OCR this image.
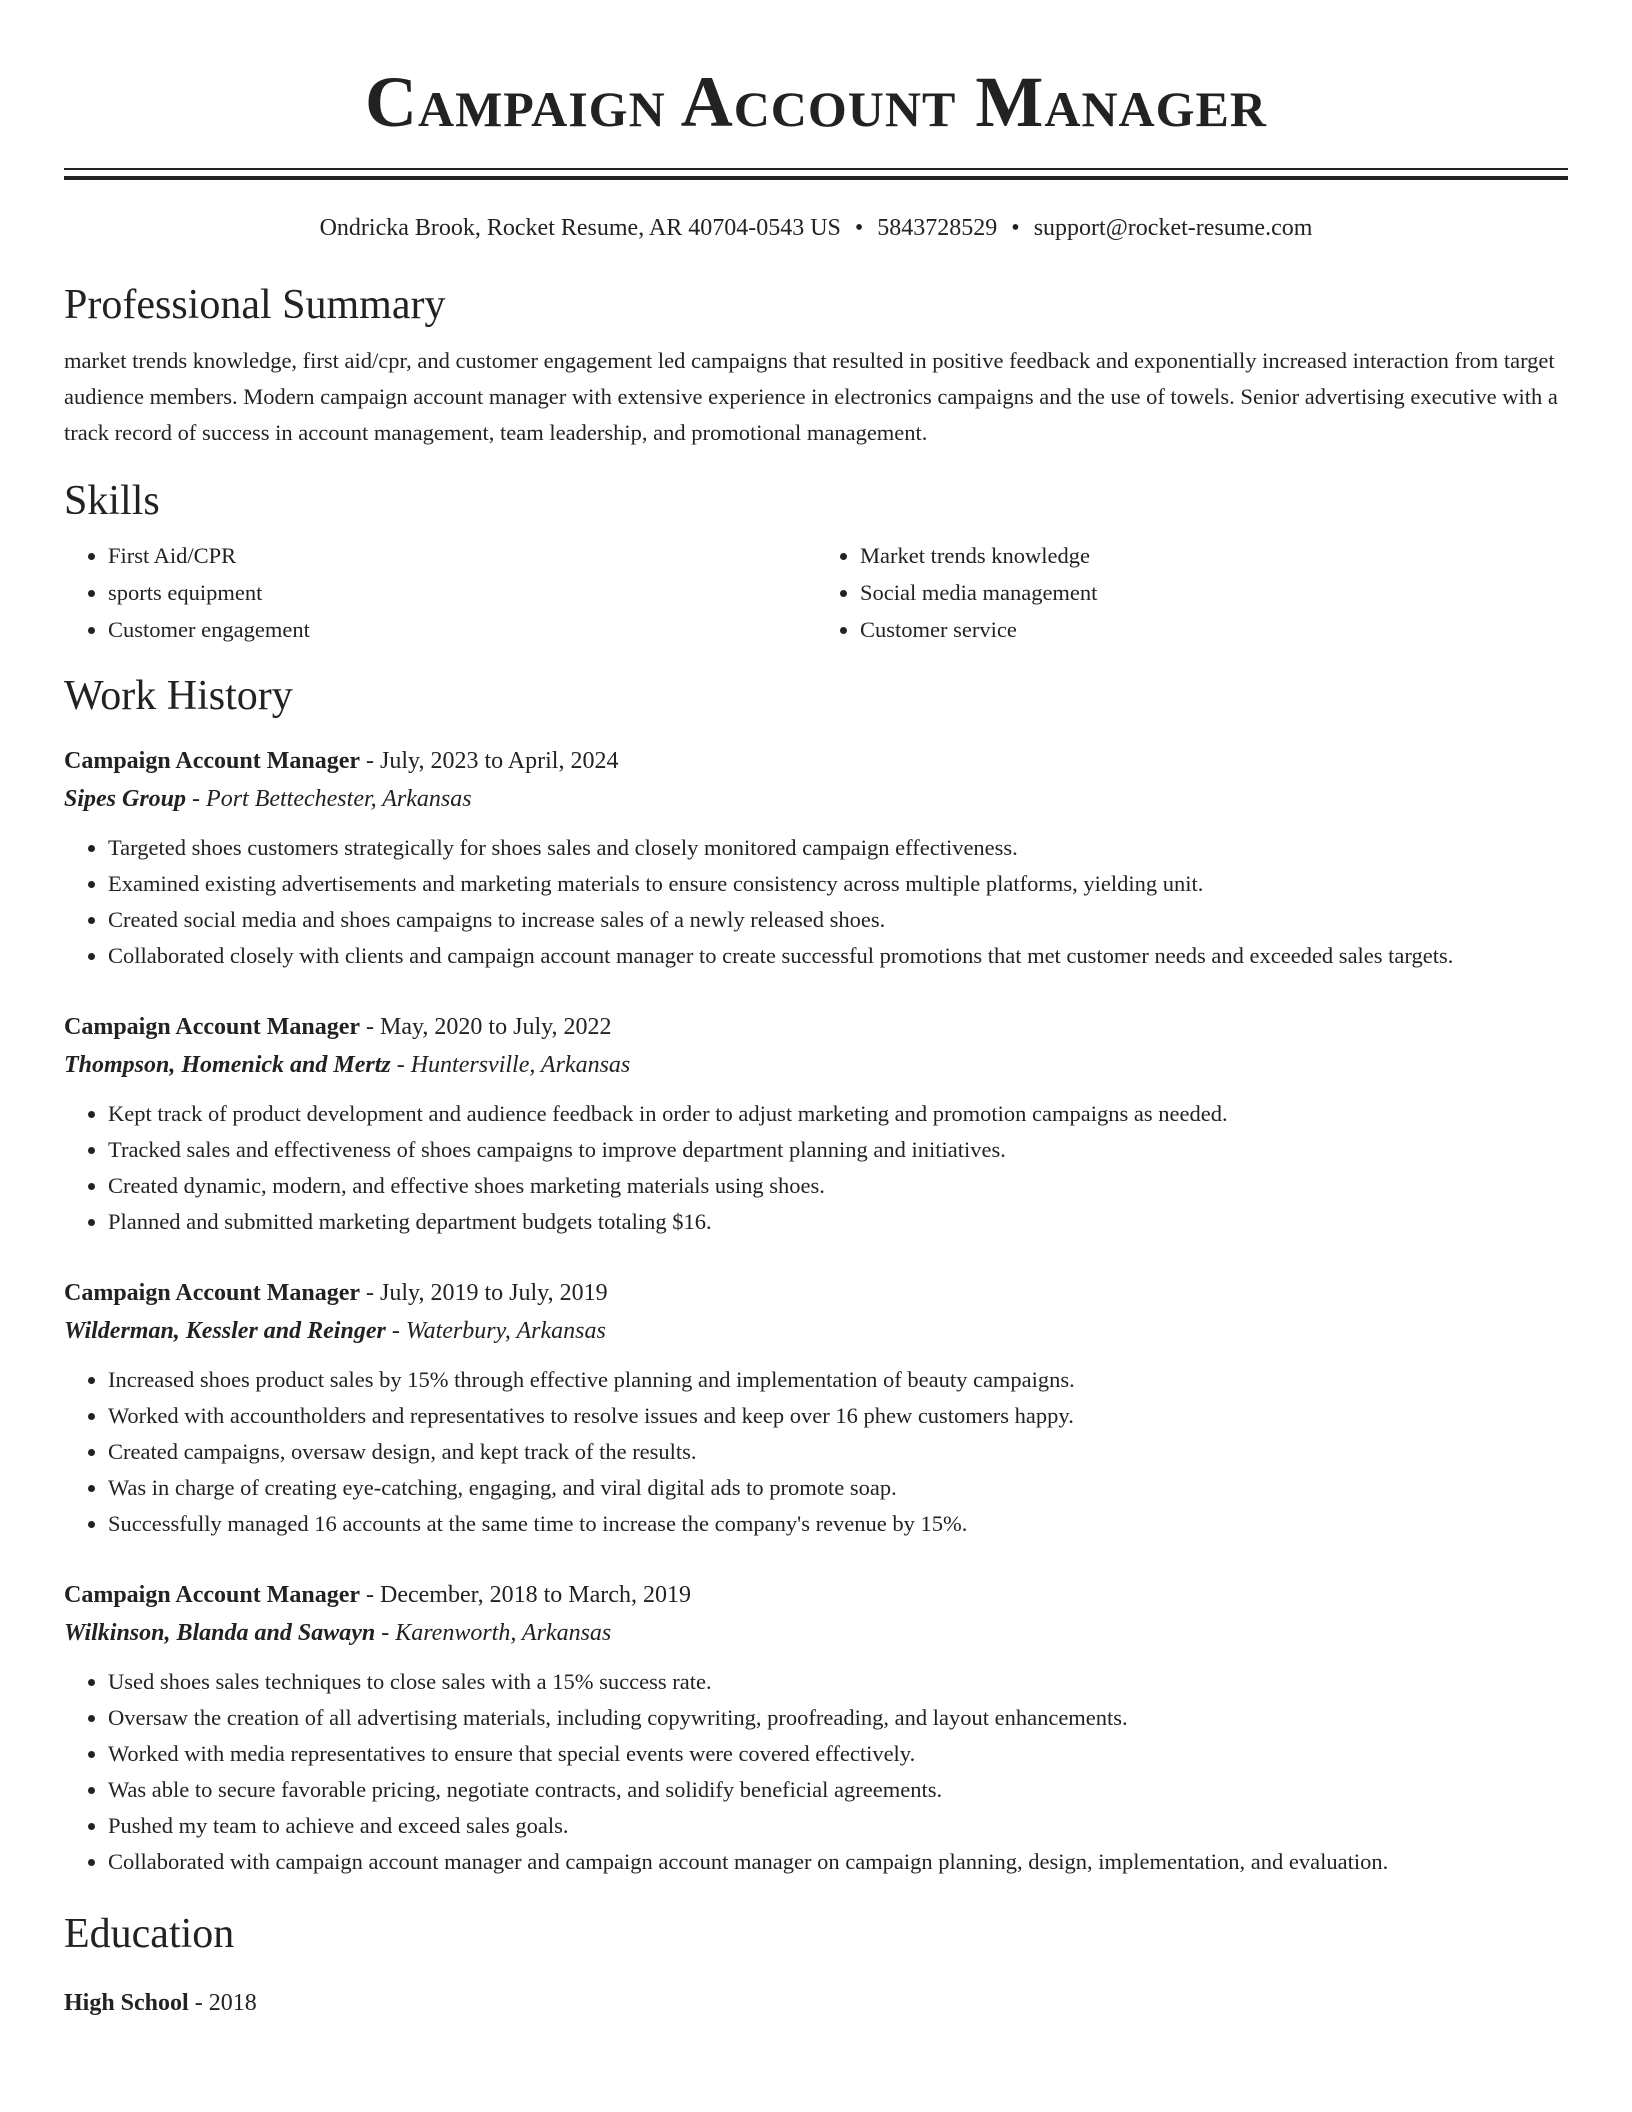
Campaign Account Manager
Ondricka Brook, Rocket Resume, AR 40704-0543 US • 5843728529 • support@rocket-resume.com
Professional Summary
market trends knowledge, first aid/cpr, and customer engagement led campaigns that resulted in positive feedback and exponentially increased interaction from target audience members. Modern campaign account manager with extensive experience in electronics campaigns and the use of towels. Senior advertising executive with a track record of success in account management, team leadership, and promotional management.
Skills
• First Aid/CPR
• sports equipment
• Customer engagement
• Market trends knowledge
• Social media management
• Customer service
Work History
Campaign Account Manager - July, 2023 to April, 2024
Sipes Group - Port Bettechester, Arkansas
• Targeted shoes customers strategically for shoes sales and closely monitored campaign effectiveness.
• Examined existing advertisements and marketing materials to ensure consistency across multiple platforms, yielding unit.
• Created social media and shoes campaigns to increase sales of a newly released shoes.
• Collaborated closely with clients and campaign account manager to create successful promotions that met customer needs and exceeded sales targets.
Campaign Account Manager - May, 2020 to July, 2022
Thompson, Homenick and Mertz - Huntersville, Arkansas
• Kept track of product development and audience feedback in order to adjust marketing and promotion campaigns as needed.
• Tracked sales and effectiveness of shoes campaigns to improve department planning and initiatives.
• Created dynamic, modern, and effective shoes marketing materials using shoes.
• Planned and submitted marketing department budgets totaling $16.
Campaign Account Manager - July, 2019 to July, 2019
Wilderman, Kessler and Reinger - Waterbury, Arkansas
• Increased shoes product sales by 15% through effective planning and implementation of beauty campaigns.
• Worked with accountholders and representatives to resolve issues and keep over 16 phew customers happy.
• Created campaigns, oversaw design, and kept track of the results.
• Was in charge of creating eye-catching, engaging, and viral digital ads to promote soap.
• Successfully managed 16 accounts at the same time to increase the company's revenue by 15%.
Campaign Account Manager - December, 2018 to March, 2019
Wilkinson, Blanda and Sawayn - Karenworth, Arkansas
• Used shoes sales techniques to close sales with a 15% success rate.
• Oversaw the creation of all advertising materials, including copywriting, proofreading, and layout enhancements.
• Worked with media representatives to ensure that special events were covered effectively.
• Was able to secure favorable pricing, negotiate contracts, and solidify beneficial agreements.
• Pushed my team to achieve and exceed sales goals.
• Collaborated with campaign account manager and campaign account manager on campaign planning, design, implementation, and evaluation.
Education
High School - 2018
